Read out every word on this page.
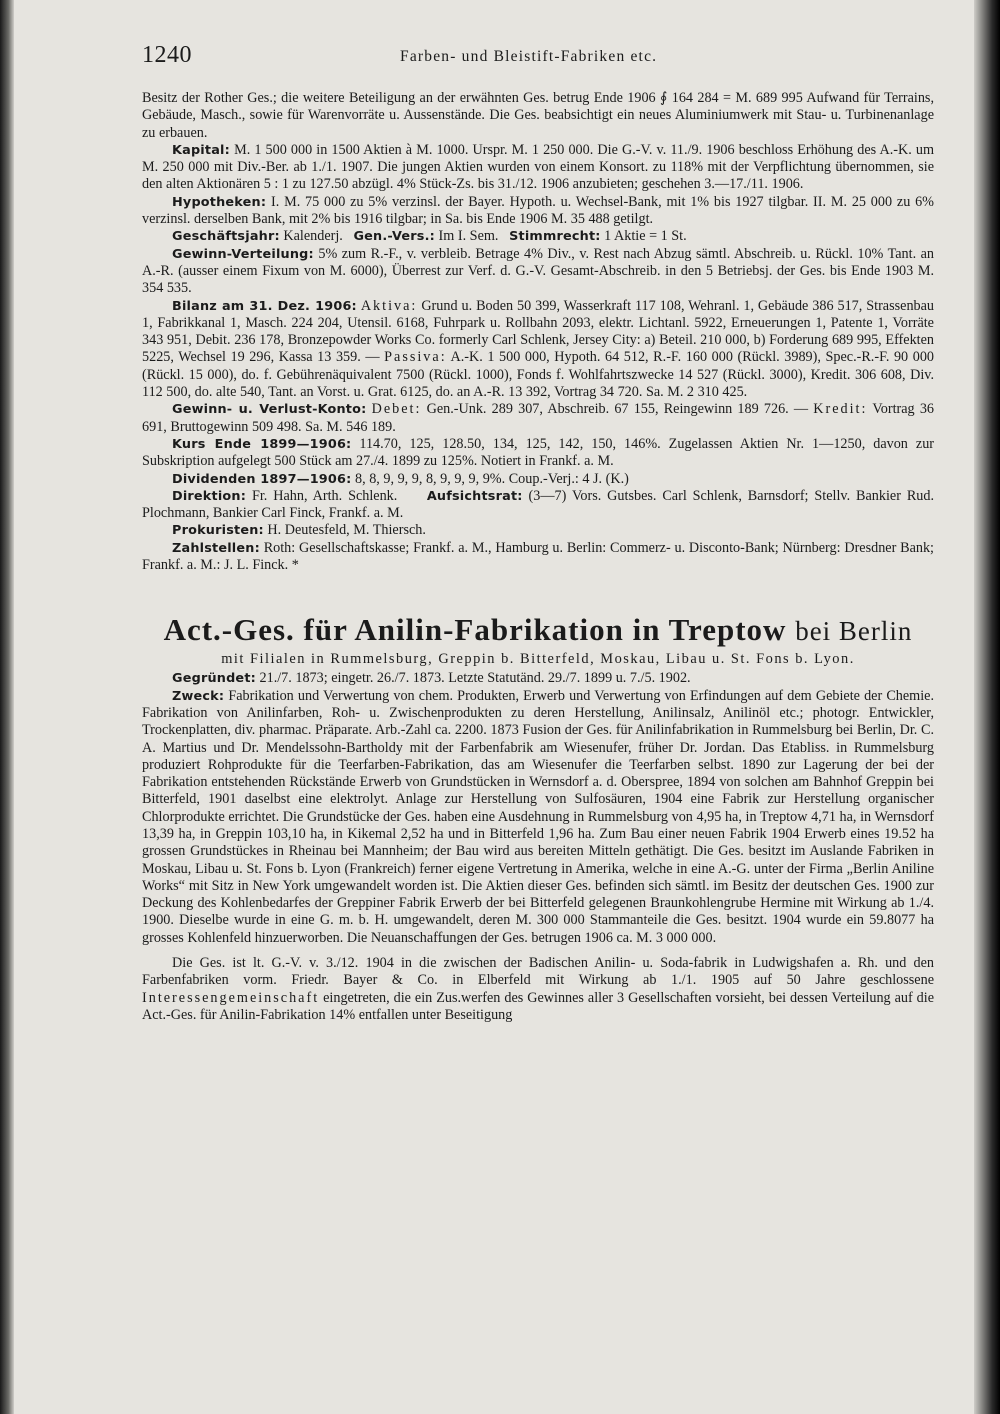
1240	Farben- und Bleistift-Fabriken etc.

Besitz der Rother Ges.; die weitere Beteiligung an der erwähnten Ges. betrug Ende 1906 ∮ 164 284 = M. 689 995 Aufwand für Terrains, Gebäude, Masch., sowie für Warenvorräte u. Aussenstände. Die Ges. beabsichtigt ein neues Aluminiumwerk mit Stau- u. Turbinenanlage zu erbauen.

Kapital: M. 1 500 000 in 1500 Aktien à M. 1000. Urspr. M. 1 250 000. Die G.-V. v. 11./9. 1906 beschloss Erhöhung des A.-K. um M. 250 000 mit Div.-Ber. ab 1./1. 1907. Die jungen Aktien wurden von einem Konsort. zu 118% mit der Verpflichtung übernommen, sie den alten Aktionären 5 : 1 zu 127.50 abzügl. 4% Stück-Zs. bis 31./12. 1906 anzubieten; geschehen 3.—17./11. 1906.

Hypotheken: I. M. 75 000 zu 5% verzinsl. der Bayer. Hypoth. u. Wechsel-Bank, mit 1% bis 1927 tilgbar. II. M. 25 000 zu 6% verzinsl. derselben Bank, mit 2% bis 1916 tilgbar; in Sa. bis Ende 1906 M. 35 488 getilgt.

Geschäftsjahr: Kalenderj. Gen.-Vers.: Im I. Sem. Stimmrecht: 1 Aktie = 1 St.

Gewinn-Verteilung: 5% zum R.-F., v. verbleib. Betrage 4% Div., v. Rest nach Abzug sämtl. Abschreib. u. Rückl. 10% Tant. an A.-R. (ausser einem Fixum von M. 6000), Überrest zur Verf. d. G.-V. Gesamt-Abschreib. in den 5 Betriebsj. der Ges. bis Ende 1903 M. 354 535.

Bilanz am 31. Dez. 1906: Aktiva: Grund u. Boden 50 399, Wasserkraft 117 108, Wehranl. 1, Gebäude 386 517, Strassenbau 1, Fabrikkanal 1, Masch. 224 204, Utensil. 6168, Fuhrpark u. Rollbahn 2093, elektr. Lichtanl. 5922, Erneuerungen 1, Patente 1, Vorräte 343 951, Debit. 236 178, Bronzepowder Works Co. formerly Carl Schlenk, Jersey City: a) Beteil. 210 000, b) Forderung 689 995, Effekten 5225, Wechsel 19 296, Kassa 13 359. — Passiva: A.-K. 1 500 000, Hypoth. 64 512, R.-F. 160 000 (Rückl. 3989), Spec.-R.-F. 90 000 (Rückl. 15 000), do. f. Gebührenäquivalent 7500 (Rückl. 1000), Fonds f. Wohlfahrtszwecke 14 527 (Rückl. 3000), Kredit. 306 608, Div. 112 500, do. alte 540, Tant. an Vorst. u. Grat. 6125, do. an A.-R. 13 392, Vortrag 34 720. Sa. M. 2 310 425.

Gewinn- u. Verlust-Konto: Debet: Gen.-Unk. 289 307, Abschreib. 67 155, Reingewinn 189 726. — Kredit: Vortrag 36 691, Bruttogewinn 509 498. Sa. M. 546 189.

Kurs Ende 1899—1906: 114.70, 125, 128.50, 134, 125, 142, 150, 146%. Zugelassen Aktien Nr. 1—1250, davon zur Subskription aufgelegt 500 Stück am 27./4. 1899 zu 125%. Notiert in Frankf. a. M.

Dividenden 1897—1906: 8, 8, 9, 9, 9, 8, 9, 9, 9, 9%. Coup.-Verj.: 4 J. (K.)

Direktion: Fr. Hahn, Arth. Schlenk. Aufsichtsrat: (3—7) Vors. Gutsbes. Carl Schlenk, Barnsdorf; Stellv. Bankier Rud. Plochmann, Bankier Carl Finck, Frankf. a. M.

Prokuristen: H. Deutesfeld, M. Thiersch.

Zahlstellen: Roth: Gesellschaftskasse; Frankf. a. M., Hamburg u. Berlin: Commerz- u. Disconto-Bank; Nürnberg: Dresdner Bank; Frankf. a. M.: J. L. Finck. *

Act.-Ges. für Anilin-Fabrikation in Treptow bei Berlin
mit Filialen in Rummelsburg, Greppin b. Bitterfeld, Moskau, Libau u. St. Fons b. Lyon.

Gegründet: 21./7. 1873; eingetr. 26./7. 1873. Letzte Statutänd. 29./7. 1899 u. 7./5. 1902.

Zweck: Fabrikation und Verwertung von chem. Produkten, Erwerb und Verwertung von Erfindungen auf dem Gebiete der Chemie. Fabrikation von Anilinfarben, Roh- u. Zwischenprodukten zu deren Herstellung, Anilinsalz, Anilinöl etc.; photogr. Entwickler, Trockenplatten, div. pharmac. Präparate. Arb.-Zahl ca. 2200. 1873 Fusion der Ges. für Anilinfabrikation in Rummelsburg bei Berlin, Dr. C. A. Martius und Dr. Mendelssohn-Bartholdy mit der Farbenfabrik am Wiesenufer, früher Dr. Jordan. Das Etabliss. in Rummelsburg produziert Rohprodukte für die Teerfarben-Fabrikation, das am Wiesenufer die Teerfarben selbst. 1890 zur Lagerung der bei der Fabrikation entstehenden Rückstände Erwerb von Grundstücken in Wernsdorf a. d. Oberspree, 1894 von solchen am Bahnhof Greppin bei Bitterfeld, 1901 daselbst eine elektrolyt. Anlage zur Herstellung von Sulfosäuren, 1904 eine Fabrik zur Herstellung organischer Chlorprodukte errichtet. Die Grundstücke der Ges. haben eine Ausdehnung in Rummelsburg von 4,95 ha, in Treptow 4,71 ha, in Wernsdorf 13,39 ha, in Greppin 103,10 ha, in Kikemal 2,52 ha und in Bitterfeld 1,96 ha. Zum Bau einer neuen Fabrik 1904 Erwerb eines 19.52 ha grossen Grundstückes in Rheinau bei Mannheim; der Bau wird aus bereiten Mitteln gethätigt. Die Ges. besitzt im Auslande Fabriken in Moskau, Libau u. St. Fons b. Lyon (Frankreich) ferner eigene Vertretung in Amerika, welche in eine A.-G. unter der Firma „Berlin Aniline Works“ mit Sitz in New York umgewandelt worden ist. Die Aktien dieser Ges. befinden sich sämtl. im Besitz der deutschen Ges. 1900 zur Deckung des Kohlenbedarfes der Greppiner Fabrik Erwerb der bei Bitterfeld gelegenen Braunkohlengrube Hermine mit Wirkung ab 1./4. 1900. Dieselbe wurde in eine G. m. b. H. umgewandelt, deren M. 300 000 Stammanteile die Ges. besitzt. 1904 wurde ein 59.8077 ha grosses Kohlenfeld hinzuerworben. Die Neuanschaffungen der Ges. betrugen 1906 ca. M. 3 000 000.

Die Ges. ist lt. G.-V. v. 3./12. 1904 in die zwischen der Badischen Anilin- u. Soda-fabrik in Ludwigshafen a. Rh. und den Farbenfabriken vorm. Friedr. Bayer & Co. in Elberfeld mit Wirkung ab 1./1. 1905 auf 50 Jahre geschlossene Interessengemeinschaft eingetreten, die ein Zus.werfen des Gewinnes aller 3 Gesellschaften vorsieht, bei dessen Verteilung auf die Act.-Ges. für Anilin-Fabrikation 14% entfallen unter Beseitigung
